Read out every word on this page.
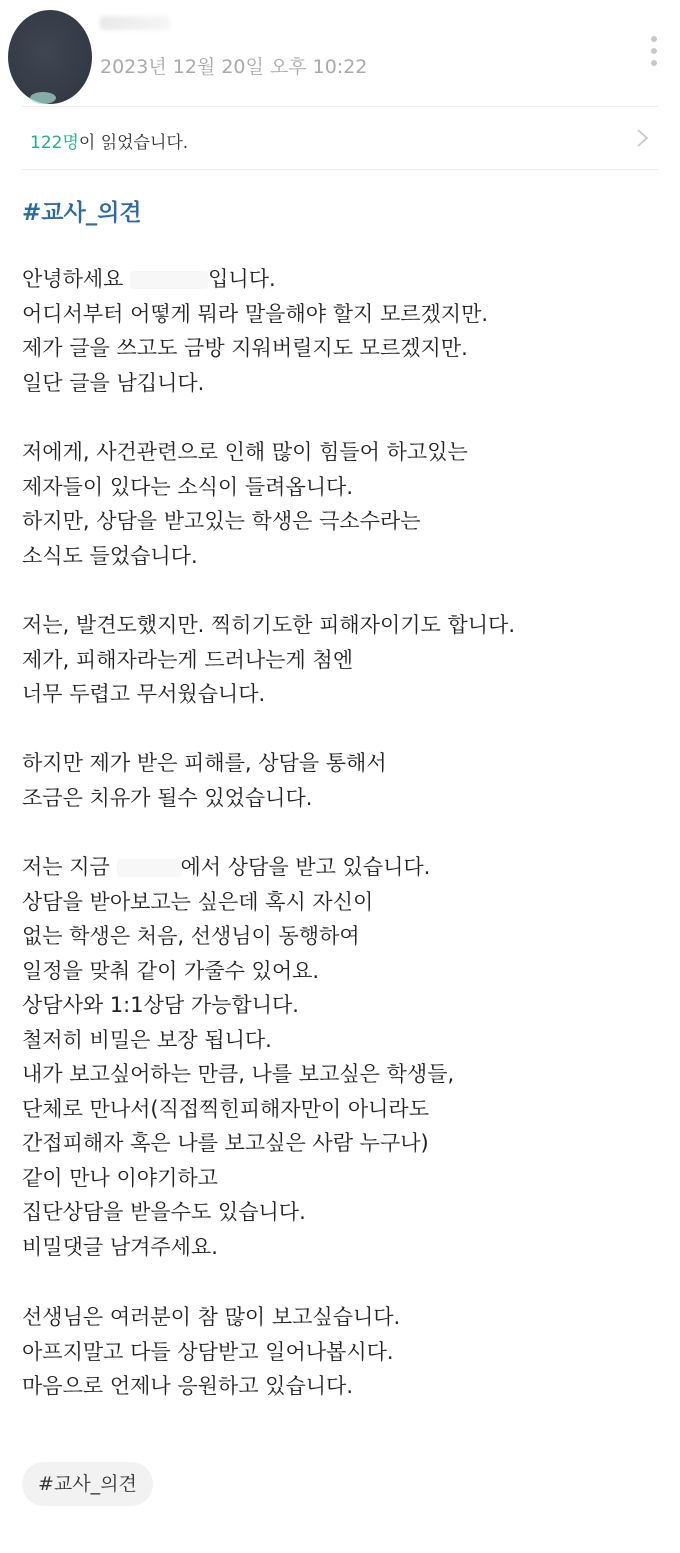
2023년 12월 20일 오후 10:22
122명이 읽었습니다.
#교사_의견
안녕하세요	입니다.
어디서부터 어떻게 뭐라 말을해야 할지 모르겠지만.
제가 글을 쓰고도 금방 지워버릴지도 모르겠지만.
일단 글을 남깁니다.
저에게, 사건관련으로 인해 많이 힘들어 하고있는
제자들이 있다는 소식이 들려옵니다.
하지만, 상담을 받고있는 학생은 극소수라는
소식도 들었습니다.
저는, 발견도했지만. 찍히기도한 피해자이기도 합니다.
제가, 피해자라는게 드러나는게 첨엔
너무 두렵고 무서웠습니다.
하지만 제가 받은 피해를, 상담을 통해서
조금은 치유가 될수 있었습니다.
저는 지금	에서 상담을 받고 있습니다.
상담을 받아보고는 싶은데 혹시 자신이
없는 학생은 처음, 선생님이 동행하여
일정을 맞춰 같이 가줄수 있어요.
상담사와 1:1상담 가능합니다.
철저히 비밀은 보장 됩니다.
내가 보고싶어하는 만큼, 나를 보고싶은 학생들,
단체로 만나서(직접찍힌피해자만이 아니라도
간접피해자 혹은 나를 보고싶은 사람 누구나)
같이 만나 이야기하고
집단상담을 받을수도 있습니다.
비밀댓글 남겨주세요.
선생님은 여러분이 참 많이 보고싶습니다.
아프지말고 다들 상담받고 일어나봅시다.
마음으로 언제나 응원하고 있습니다.
#교사_의견
